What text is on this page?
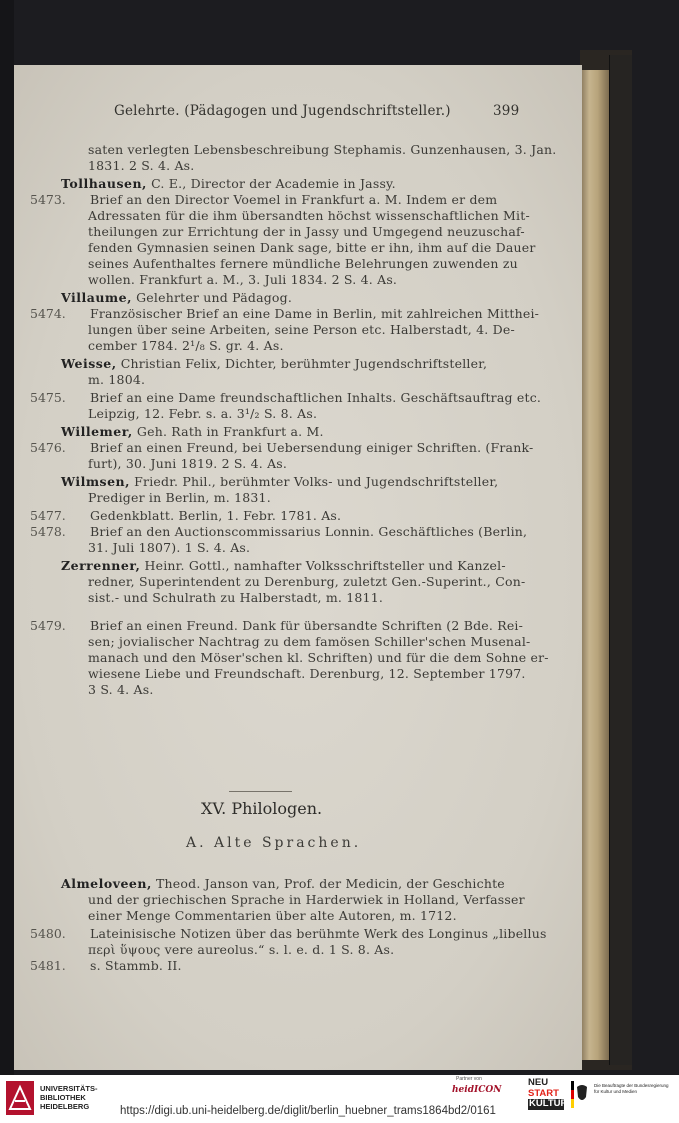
Gelehrte. (Pädagogen und Jugendschriftsteller.)	399
saten verlegten Lebensbeschreibung Stephamis. Gunzenhausen, 3. Jan.
1831. 2 S. 4. As.
Tollhausen, C. E., Director der Academie in Jassy.
5473. Brief an den Director Voemel in Frankfurt a. M. Indem er dem
Adressaten für die ihm übersandten höchst wissenschaftlichen Mit-
theilungen zur Errichtung der in Jassy und Umgegend neuzuschaf-
fenden Gymnasien seinen Dank sage, bitte er ihn, ihm auf die Dauer
seines Aufenthaltes fernere mündliche Belehrungen zuwenden zu
wollen. Frankfurt a. M., 3. Juli 1834. 2 S. 4. As.
Villaume, Gelehrter und Pädagog.
5474. Französischer Brief an eine Dame in Berlin, mit zahlreichen Mitthei-
lungen über seine Arbeiten, seine Person etc. Halberstadt, 4. De-
cember 1784. 2¹/₈ S. gr. 4. As.
Weisse, Christian Felix, Dichter, berühmter Jugendschriftsteller,
m. 1804.
5475. Brief an eine Dame freundschaftlichen Inhalts. Geschäftsauftrag etc.
Leipzig, 12. Febr. s. a. 3¹/₂ S. 8. As.
Willemer, Geh. Rath in Frankfurt a. M.
5476. Brief an einen Freund, bei Uebersendung einiger Schriften. (Frank-
furt), 30. Juni 1819. 2 S. 4. As.
Wilmsen, Friedr. Phil., berühmter Volks- und Jugendschriftsteller,
Prediger in Berlin, m. 1831.
5477. Gedenkblatt. Berlin, 1. Febr. 1781. As.
5478. Brief an den Auctionscommissarius Lonnin. Geschäftliches (Berlin,
31. Juli 1807). 1 S. 4. As.
Zerrenner, Heinr. Gottl., namhafter Volksschriftsteller und Kanzel-
redner, Superintendent zu Derenburg, zuletzt Gen.-Superint., Con-
sist.- und Schulrath zu Halberstadt, m. 1811.
5479. Brief an einen Freund. Dank für übersandte Schriften (2 Bde. Rei-
sen; jovialischer Nachtrag zu dem famösen Schiller'schen Musenal-
manach und den Möser'schen kl. Schriften) und für die dem Sohne er-
wiesene Liebe und Freundschaft. Derenburg, 12. September 1797.
3 S. 4. As.
XV. Philologen.
A. Alte Sprachen.
Almeloveen, Theod. Janson van, Prof. der Medicin, der Geschichte
und der griechischen Sprache in Harderwiek in Holland, Verfasser
einer Menge Commentarien über alte Autoren, m. 1712.
5480. Lateinisische Notizen über das berühmte Werk des Longinus „libellus
περὶ ὕψους vere aureolus.“ s. l. e. d. 1 S. 8. As.
5481. s. Stammb. II.
UNIVERSITÄTS-
BIBLIOTHEK
HEIDELBERG	https://digi.ub.uni-heidelberg.de/diglit/berlin_huebner_trams1864bd2/0161
Partner von
heidICON
NEU
START
KULTUR
Die Beauftragte der Bundesregierung für Kultur und Medien
